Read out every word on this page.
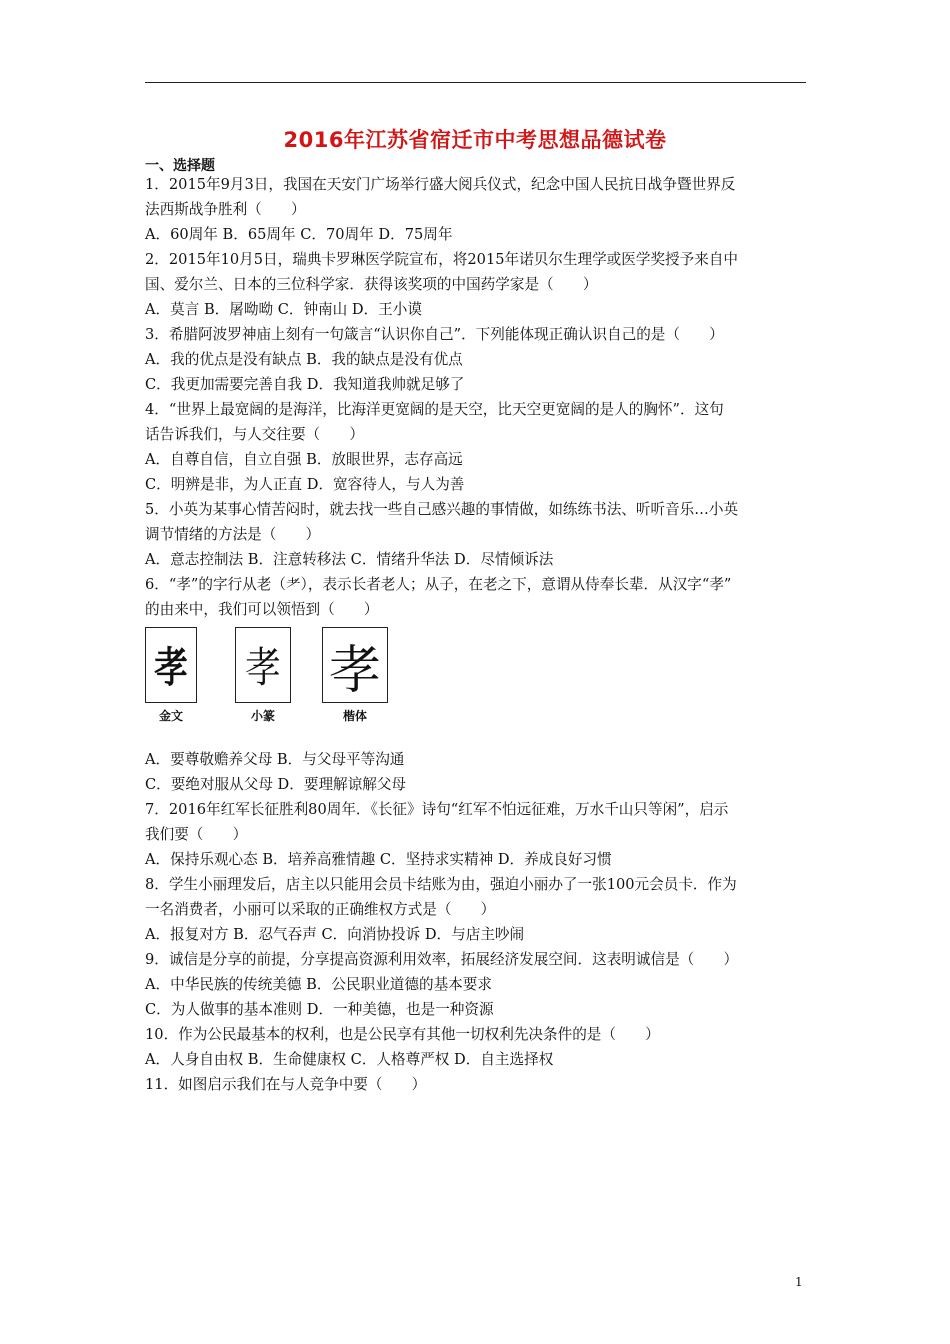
2016年江苏省宿迁市中考思想品德试卷
一、选择题
1．2015年9月3日，我国在天安门广场举行盛大阅兵仪式，纪念中国人民抗日战争暨世界反
法西斯战争胜利（　　）
A．60周年 B．65周年 C．70周年 D．75周年
2．2015年10月5日，瑞典卡罗琳医学院宣布，将2015年诺贝尔生理学或医学奖授予来自中
国、爱尔兰、日本的三位科学家．获得该奖项的中国药学家是（　　）
A．莫言 B．屠呦呦 C．钟南山 D．王小谟
3．希腊阿波罗神庙上刻有一句箴言“认识你自己”．下列能体现正确认识自己的是（　　）
A．我的优点是没有缺点 B．我的缺点是没有优点
C．我更加需要完善自我 D．我知道我帅就足够了
4．“世界上最宽阔的是海洋，比海洋更宽阔的是天空，比天空更宽阔的是人的胸怀”．这句
话告诉我们，与人交往要（　　）
A．自尊自信，自立自强 B．放眼世界，志存高远
C．明辨是非，为人正直 D．宽容待人，与人为善
5．小英为某事心情苦闷时，就去找一些自己感兴趣的事情做，如练练书法、听听音乐…小英
调节情绪的方法是（　　）
A．意志控制法 B．注意转移法 C．情绪升华法 D．尽情倾诉法
6．“孝”的字行从老（耂），表示长者老人；从子，在老之下，意谓从侍奉长辈．从汉字“孝”
的由来中，我们可以领悟到（　　）
A．要尊敬赡养父母 B．与父母平等沟通
C．要绝对服从父母 D．要理解谅解父母
7．2016年红军长征胜利80周年．《长征》诗句“红军不怕远征难，万水千山只等闲”，启示
我们要（　　）
A．保持乐观心态 B．培养高雅情趣 C．坚持求实精神 D．养成良好习惯
8．学生小丽理发后，店主以只能用会员卡结账为由，强迫小丽办了一张100元会员卡．作为
一名消费者，小丽可以采取的正确维权方式是（　　）
A．报复对方 B．忍气吞声 C．向消协投诉 D．与店主吵闹
9．诚信是分享的前提，分享提高资源利用效率，拓展经济发展空间．这表明诚信是（　　）
A．中华民族的传统美德 B．公民职业道德的基本要求
C．为人做事的基本准则 D．一种美德，也是一种资源
10．作为公民最基本的权利，也是公民享有其他一切权利先决条件的是（　　）
A．人身自由权 B．生命健康权 C．人格尊严权 D．自主选择权
11．如图启示我们在与人竞争中要（　　）
孝 孝 孝
金文	小篆	楷体
1
